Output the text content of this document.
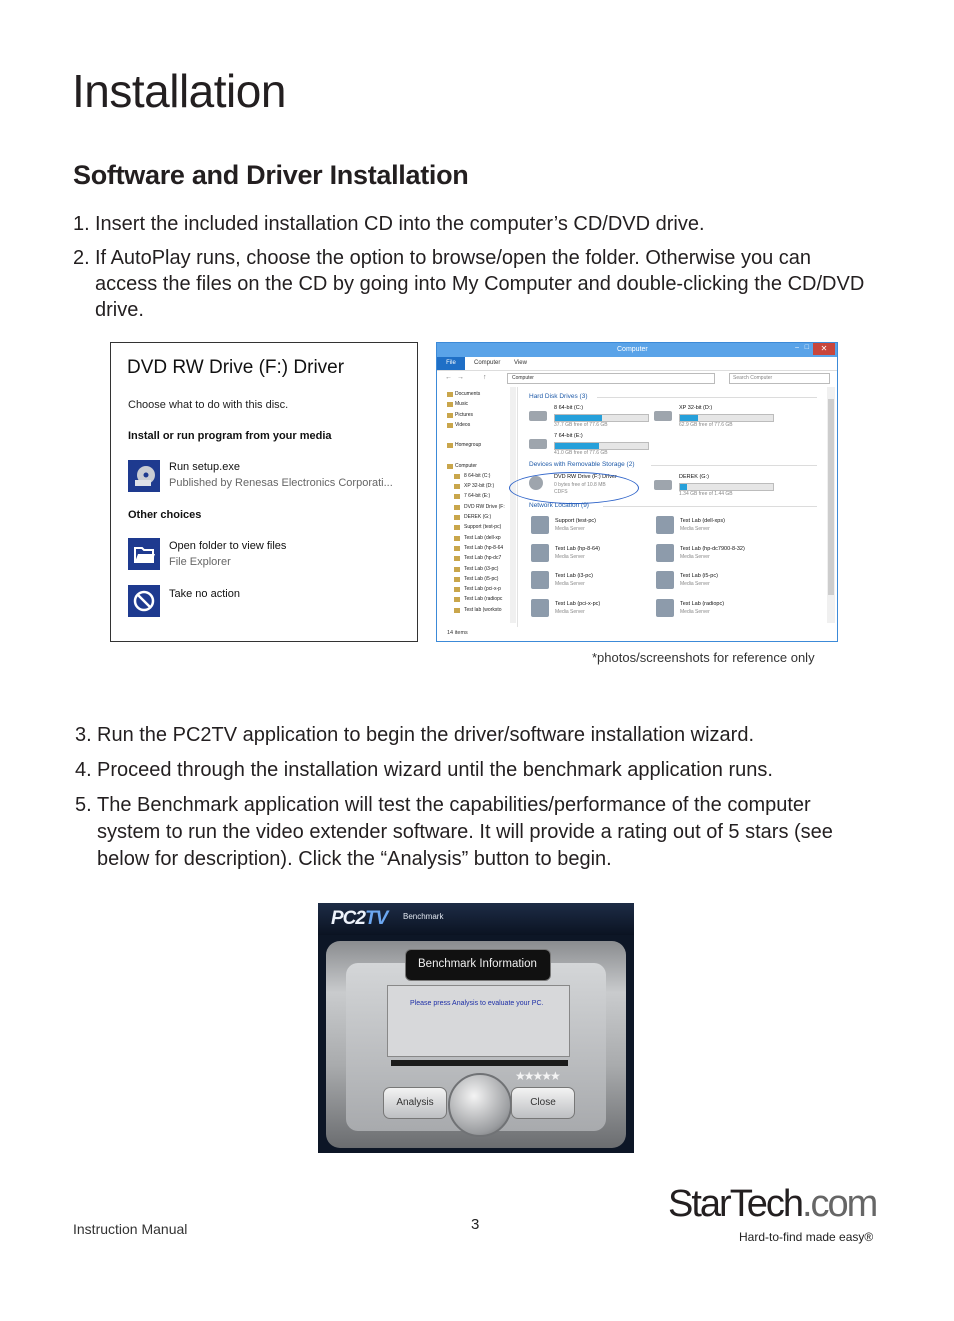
Installation
Software and Driver Installation
1. Insert the included installation CD into the computer’s CD/DVD drive.
2. If AutoPlay runs, choose the option to browse/open the folder. Otherwise you can access the files on the CD by going into My Computer and double-clicking the CD/DVD drive.
DVD RW Drive (F:) Driver
Choose what to do with this disc.
Install or run program from your media
Run setup.exe
Published by Renesas Electronics Corporati...
Other choices
Open folder to view files
File Explorer
Take no action
Computer	– □	✕
File	Computer View
← →	↑	Computer	Search Computer
Documents
Music
Pictures
Videos
Homegroup
Computer
8 64-bit (C:)
XP 32-bit (D:)
7 64-bit (E:)
DVD RW Drive (F:
DEREK (G:)
Support (test-pc)
Test Lab (dell-xp
Test Lab (hp-8-64
Test Lab (hp-dc7
Test Lab (i3-pc)
Test Lab (i5-pc)
Test Lab (pci-x-p
Test Lab (radiopc
Test lab (worksto
Hard Disk Drives (3)
8 64-bit (C:)
37.7 GB free of 77.6 GB
XP 32-bit (D:)
62.9 GB free of 77.6 GB
7 64-bit (E:)
41.0 GB free of 77.6 GB
Devices with Removable Storage (2)
DVD RW Drive (F:) Driver
0 bytes free of 10.8 MB
CDFS
DEREK (G:)
1.34 GB free of 1.44 GB
Network Location (9)
Support (test-pc)
Media Server
Test Lab (dell-xps)
Media Server
Test Lab (hp-8-64)
Media Server
Test Lab (hp-dc7900-8-32)
Media Server
Test Lab (i3-pc)
Media Server
Test Lab (i5-pc)
Media Server
Test Lab (pci-x-pc)
Media Server
Test Lab (radiopc)
Media Server
14 items
*photos/screenshots for reference only
3. Run the PC2TV application to begin the driver/software installation wizard.
4. Proceed through the installation wizard until the benchmark application runs.
5. The Benchmark application will test the capabilities/performance of the computer system to run the video extender software. It will provide a rating out of 5 stars (see below for description). Click the “Analysis” button to begin.
PC2TV Benchmark
Benchmark Information
Please press Analysis to evaluate your PC.
★★★★★
Analysis	Close
Instruction Manual	3	StarTech.com
Hard-to-find made easy®
